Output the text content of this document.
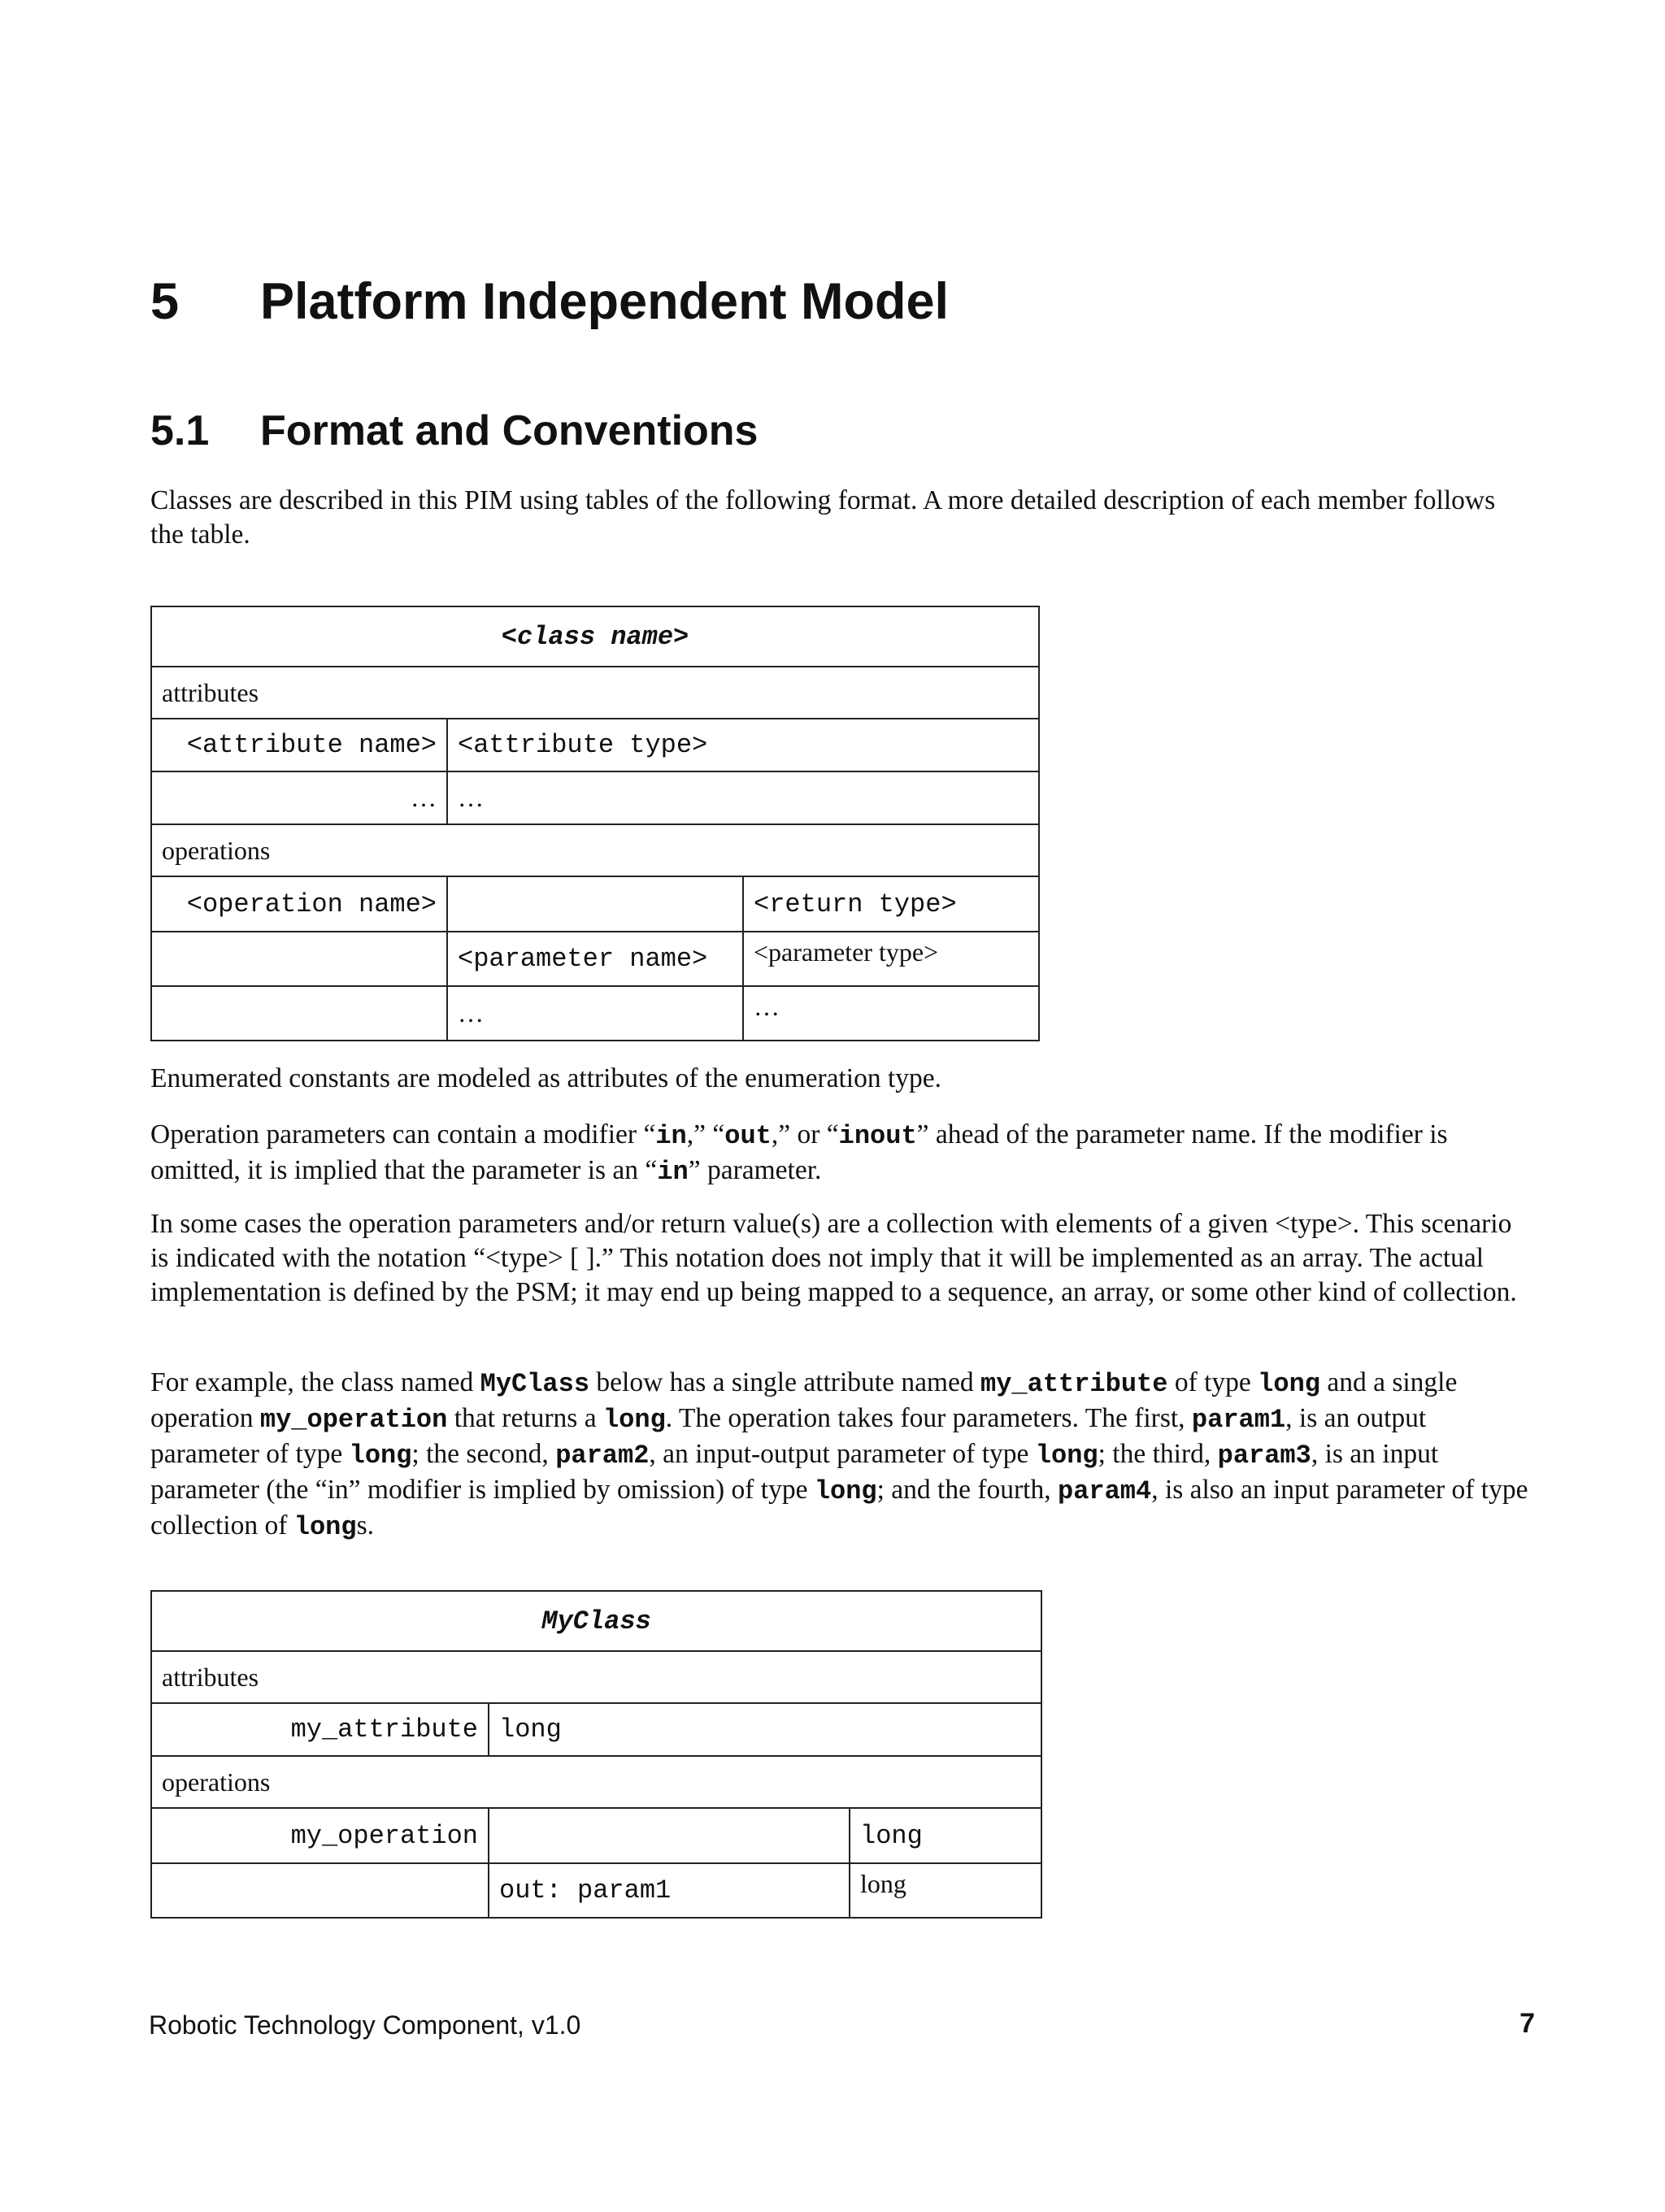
5 Platform Independent Model
5.1 Format and Conventions

Classes are described in this PIM using tables of the following format. A more detailed description of each member follows the table.

<class name>		
attributes		
<attribute name>	<attribute type>	
…	…	
operations		
<operation name>		<return type>
	<parameter name>	<parameter type>
	…	…

Enumerated constants are modeled as attributes of the enumeration type.

Operation parameters can contain a modifier “in,” “out,” or “inout” ahead of the parameter name. If the modifier is omitted, it is implied that the parameter is an “in” parameter.

In some cases the operation parameters and/or return value(s) are a collection with elements of a given <type>. This scenario is indicated with the notation “<type> [ ].” This notation does not imply that it will be implemented as an array. The actual implementation is defined by the PSM; it may end up being mapped to a sequence, an array, or some other kind of collection.

For example, the class named MyClass below has a single attribute named my_attribute of type long and a single operation my_operation that returns a long. The operation takes four parameters. The first, param1, is an output parameter of type long; the second, param2, an input-output parameter of type long; the third, param3, is an input parameter (the “in” modifier is implied by omission) of type long; and the fourth, param4, is also an input parameter of type collection of longs.

MyClass		
attributes		
my_attribute	long	
operations		
my_operation		long
	out: param1	long
Robotic Technology Component, v1.0	7
